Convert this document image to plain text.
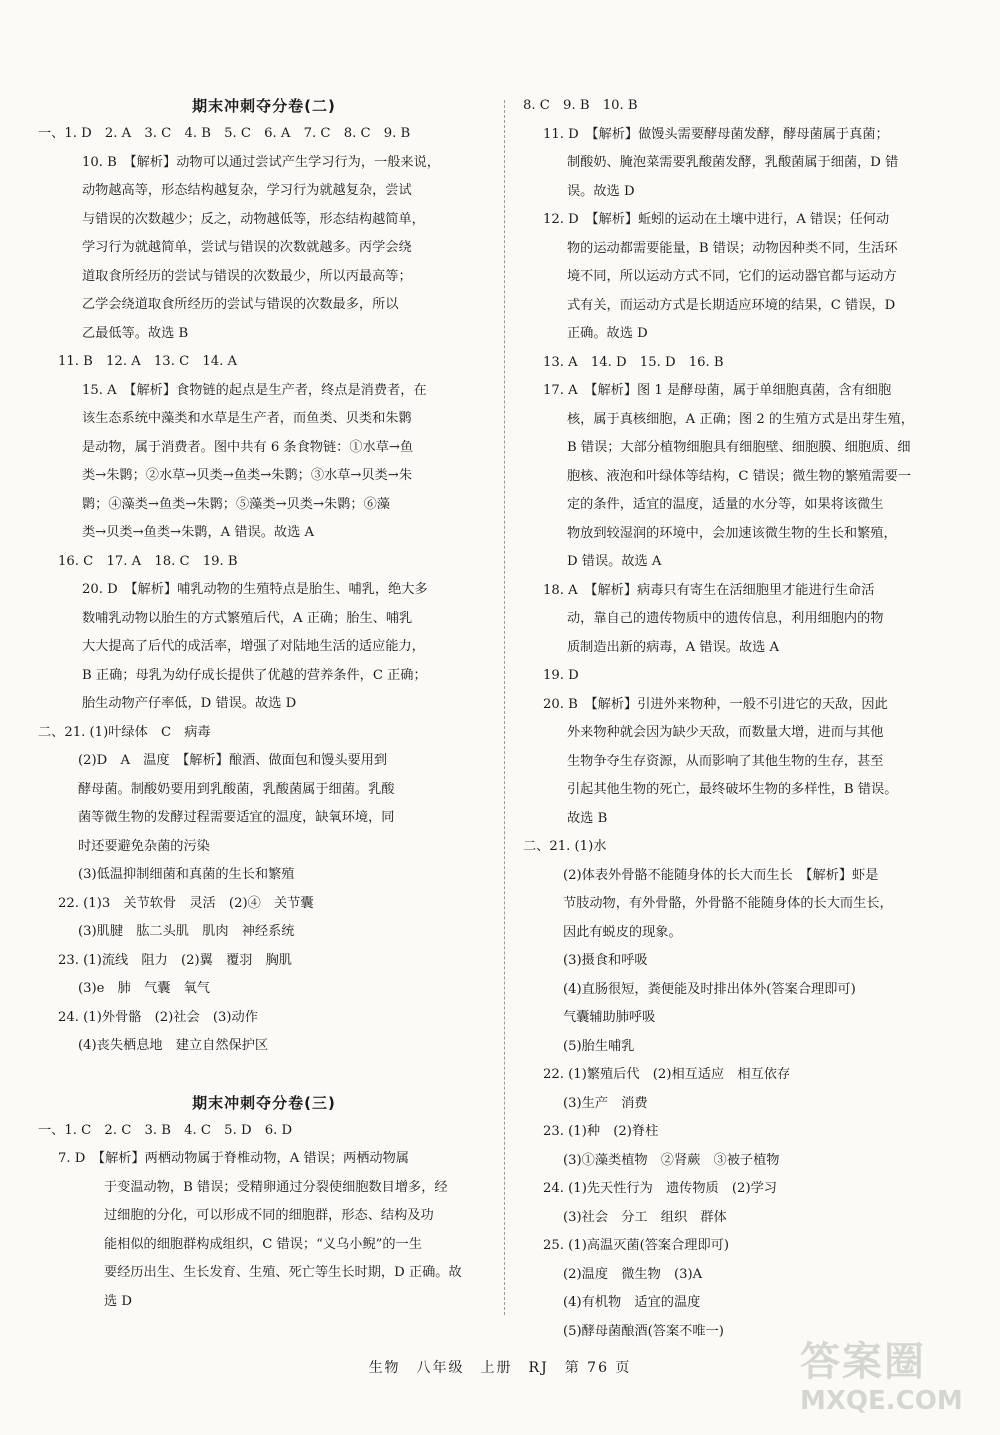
期末冲刺夺分卷(二)
一、1. D　2. A　3. C　4. B　5. C　6. A　7. C　8. C　9. B
10. B　【解析】动物可以通过尝试产生学习行为，一般来说，
动物越高等，形态结构越复杂，学习行为就越复杂，尝试
与错误的次数越少；反之，动物越低等，形态结构越简单，
学习行为就越简单，尝试与错误的次数就越多。丙学会绕
道取食所经历的尝试与错误的次数最少，所以丙最高等；
乙学会绕道取食所经历的尝试与错误的次数最多，所以
乙最低等。故选 B
11. B　12. A　13. C　14. A
15. A　【解析】食物链的起点是生产者，终点是消费者，在
该生态系统中藻类和水草是生产者，而鱼类、贝类和朱鹮
是动物，属于消费者。图中共有 6 条食物链：①水草→鱼
类→朱鹮；②水草→贝类→鱼类→朱鹮；③水草→贝类→朱
鹮；④藻类→鱼类→朱鹮；⑤藻类→贝类→朱鹮；⑥藻
类→贝类→鱼类→朱鹮，A 错误。故选 A
16. C　17. A　18. C　19. B
20. D　【解析】哺乳动物的生殖特点是胎生、哺乳，绝大多
数哺乳动物以胎生的方式繁殖后代，A 正确；胎生、哺乳
大大提高了后代的成活率，增强了对陆地生活的适应能力，
B 正确；母乳为幼仔成长提供了优越的营养条件，C 正确；
胎生动物产仔率低，D 错误。故选 D
二、21. (1)叶绿体　C　病毒
(2)D　A　温度　【解析】酿酒、做面包和馒头要用到
酵母菌。制酸奶要用到乳酸菌，乳酸菌属于细菌。乳酸
菌等微生物的发酵过程需要适宜的温度，缺氧环境，同
时还要避免杂菌的污染
(3)低温抑制细菌和真菌的生长和繁殖
22. (1)3　关节软骨　灵活　(2)④　关节囊
(3)肌腱　肱二头肌　肌肉　神经系统
23. (1)流线　阻力　(2)翼　覆羽　胸肌
(3)e　肺　气囊　氧气
24. (1)外骨骼　(2)社会　(3)动作
(4)丧失栖息地　建立自然保护区
期末冲刺夺分卷(三)
一、1. C　2. C　3. B　4. C　5. D　6. D
7. D　【解析】两栖动物属于脊椎动物，A 错误；两栖动物属
于变温动物，B 错误；受精卵通过分裂使细胞数目增多，经
过细胞的分化，可以形成不同的细胞群，形态、结构及功
能相似的细胞群构成组织，C 错误；“义乌小鲵”的一生
要经历出生、生长发育、生殖、死亡等生长时期，D 正确。故
选 D
8. C　9. B　10. B
11. D　【解析】做馒头需要酵母菌发酵，酵母菌属于真菌；
制酸奶、腌泡菜需要乳酸菌发酵，乳酸菌属于细菌，D 错
误。故选 D
12. D　【解析】蚯蚓的运动在土壤中进行，A 错误；任何动
物的运动都需要能量，B 错误；动物因种类不同，生活环
境不同，所以运动方式不同，它们的运动器官都与运动方
式有关，而运动方式是长期适应环境的结果，C 错误，D
正确。故选 D
13. A　14. D　15. D　16. B
17. A　【解析】图 1 是酵母菌，属于单细胞真菌，含有细胞
核，属于真核细胞，A 正确；图 2 的生殖方式是出芽生殖，
B 错误；大部分植物细胞具有细胞壁、细胞膜、细胞质、细
胞核、液泡和叶绿体等结构，C 错误；微生物的繁殖需要一
定的条件，适宜的温度，适量的水分等，如果将该微生
物放到较湿润的环境中，会加速该微生物的生长和繁殖，
D 错误。故选 A
18. A　【解析】病毒只有寄生在活细胞里才能进行生命活
动，靠自己的遗传物质中的遗传信息，利用细胞内的物
质制造出新的病毒，A 错误。故选 A
19. D
20. B　【解析】引进外来物种，一般不引进它的天敌，因此
外来物种就会因为缺少天敌，而数量大增，进而与其他
生物争夺生存资源，从而影响了其他生物的生存，甚至
引起其他生物的死亡，最终破坏生物的多样性，B 错误。
故选 B
二、21. (1)水
(2)体表外骨骼不能随身体的长大而生长　【解析】虾是
节肢动物，有外骨骼，外骨骼不能随身体的长大而生长，
因此有蜕皮的现象。
(3)摄食和呼吸
(4)直肠很短，粪便能及时排出体外(答案合理即可)
气囊辅助肺呼吸
(5)胎生哺乳
22. (1)繁殖后代　(2)相互适应　相互依存
(3)生产　消费
23. (1)种　(2)脊柱
(3)①藻类植物　②肾蕨　③被子植物
24. (1)先天性行为　遗传物质　(2)学习
(3)社会　分工　组织　群体
25. (1)高温灭菌(答案合理即可)
(2)温度　微生物　(3)A
(4)有机物　适宜的温度
(5)酵母菌酿酒(答案不唯一)
生物　八年级　上册　RJ　第 76 页	答案圈
MXQE.COM
